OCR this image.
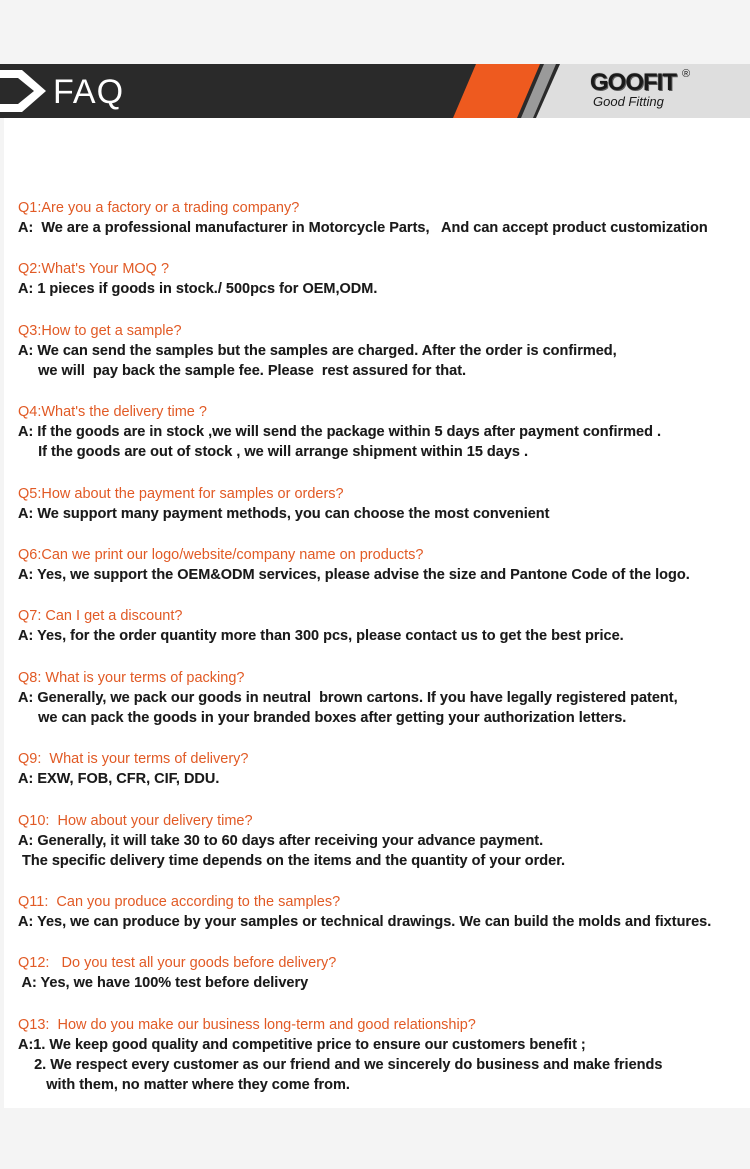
FAQ	GOOFIT ®
Good Fitting
Q1:Are you a factory or a trading company?
A:  We are a professional manufacturer in Motorcycle Parts,   And can accept product customization
Q2:What's Your MOQ ?
A: 1 pieces if goods in stock./ 500pcs for OEM,ODM.
Q3:How to get a sample?
A: We can send the samples but the samples are charged. After the order is confirmed,
we will  pay back the sample fee. Please  rest assured for that.
Q4:What's the delivery time ?
A: If the goods are in stock ,we will send the package within 5 days after payment confirmed .
If the goods are out of stock , we will arrange shipment within 15 days .
Q5:How about the payment for samples or orders?
A: We support many payment methods, you can choose the most convenient
Q6:Can we print our logo/website/company name on products?
A: Yes, we support the OEM&ODM services, please advise the size and Pantone Code of the logo.
Q7: Can I get a discount?
A: Yes, for the order quantity more than 300 pcs, please contact us to get the best price.
Q8: What is your terms of packing?
A: Generally, we pack our goods in neutral  brown cartons. If you have legally registered patent,
we can pack the goods in your branded boxes after getting your authorization letters.
Q9:  What is your terms of delivery?
A: EXW, FOB, CFR, CIF, DDU.
Q10:  How about your delivery time?
A: Generally, it will take 30 to 60 days after receiving your advance payment.
The specific delivery time depends on the items and the quantity of your order.
Q11:  Can you produce according to the samples?
A: Yes, we can produce by your samples or technical drawings. We can build the molds and fixtures.
Q12:   Do you test all your goods before delivery?
A: Yes, we have 100% test before delivery
Q13:  How do you make our business long-term and good relationship?
A:1. We keep good quality and competitive price to ensure our customers benefit ;
2. We respect every customer as our friend and we sincerely do business and make friends
with them, no matter where they come from.
